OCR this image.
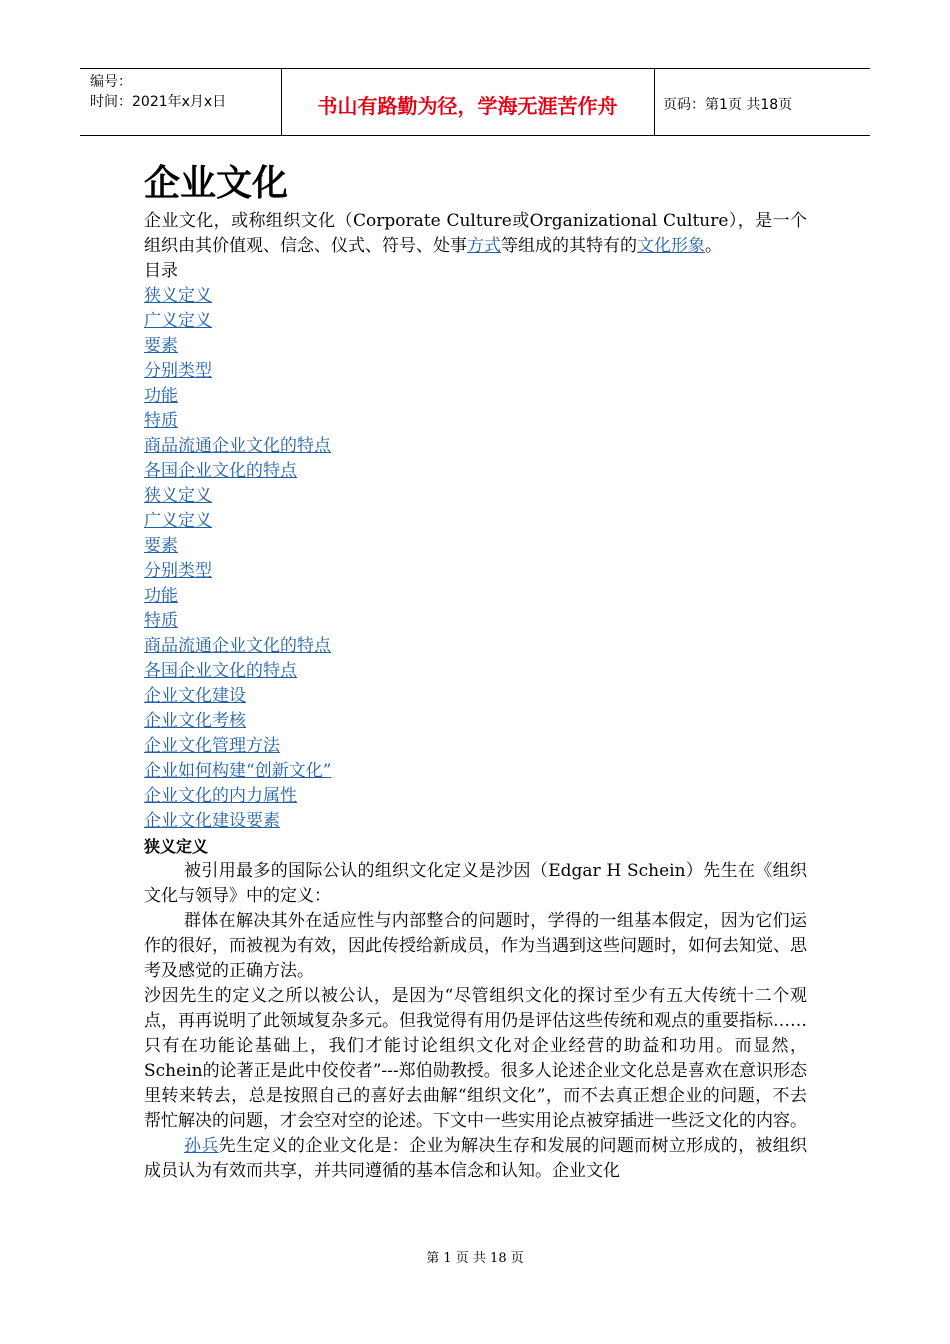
编号：
时间：2021年x月x日	书山有路勤为径，学海无涯苦作舟	页码：第1页 共18页
企业文化

企业文化，或称组织文化（Corporate Culture或Organizational Culture），是一个组织由其价值观、信念、仪式、符号、处事方式等组成的其特有的文化形象。

目录

狭义定义
广义定义
要素
分别类型
功能
特质
商品流通企业文化的特点
各国企业文化的特点
狭义定义
广义定义
要素
分别类型
功能
特质
商品流通企业文化的特点
各国企业文化的特点
企业文化建设
企业文化考核
企业文化管理方法
企业如何构建“创新文化”
企业文化的内力属性
企业文化建设要素

狭义定义

被引用最多的国际公认的组织文化定义是沙因（Edgar H Schein）先生在《组织文化与领导》中的定义：

群体在解决其外在适应性与内部整合的问题时，学得的一组基本假定，因为它们运作的很好，而被视为有效，因此传授给新成员，作为当遇到这些问题时，如何去知觉、思考及感觉的正确方法。

沙因先生的定义之所以被公认，是因为“尽管组织文化的探讨至少有五大传统十二个观点，再再说明了此领域复杂多元。但我觉得有用仍是评估这些传统和观点的重要指标……只有在功能论基础上，我们才能讨论组织文化对企业经营的助益和功用。而显然，Schein的论著正是此中佼佼者”---郑伯勋教授。很多人论述企业文化总是喜欢在意识形态里转来转去，总是按照自己的喜好去曲解“组织文化”，而不去真正想企业的问题，不去帮忙解决的问题，才会空对空的论述。下文中一些实用论点被穿插进一些泛文化的内容。

孙兵先生定义的企业文化是：企业为解决生存和发展的问题而树立形成的，被组织成员认为有效而共享，并共同遵循的基本信念和认知。企业文化

第 1 页 共 18 页
